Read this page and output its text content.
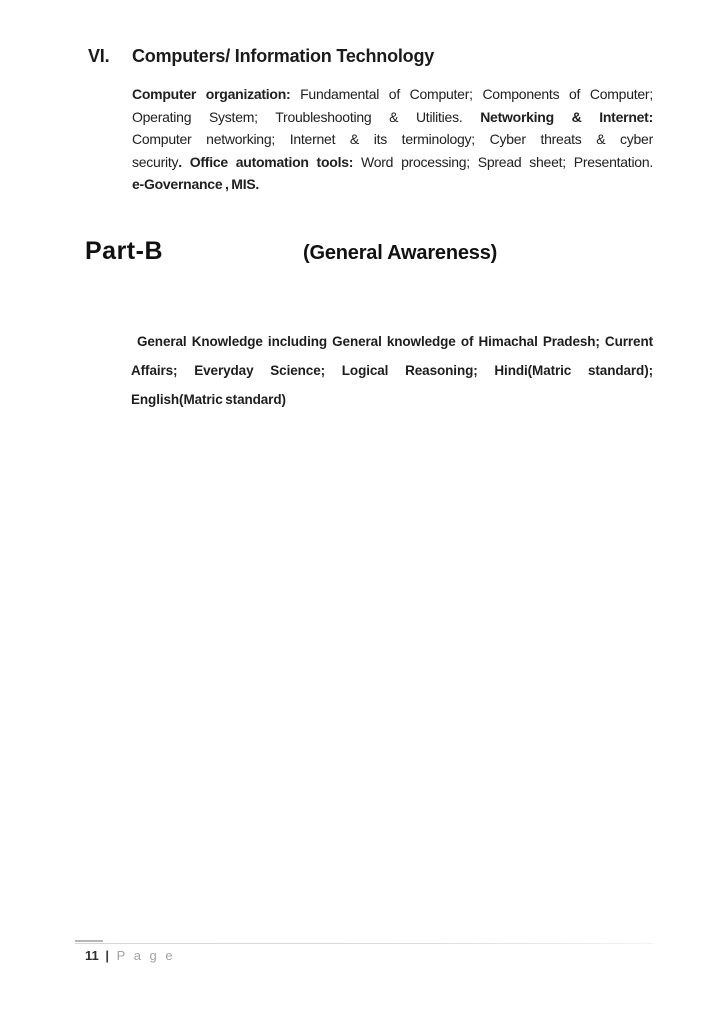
VI.	Computers/ Information Technology
Computer organization: Fundamental of Computer; Components of Computer;
Operating System; Troubleshooting & Utilities. Networking & Internet:
Computer networking; Internet & its terminology; Cyber threats & cyber
security. Office automation tools: Word processing; Spread sheet; Presentation.
e-Governance , MIS.
Part-B	(General Awareness)
General Knowledge including General knowledge of Himachal Pradesh; Current
Affairs; Everyday Science; Logical Reasoning; Hindi(Matric standard);
English(Matric standard)
11 | P a g e
